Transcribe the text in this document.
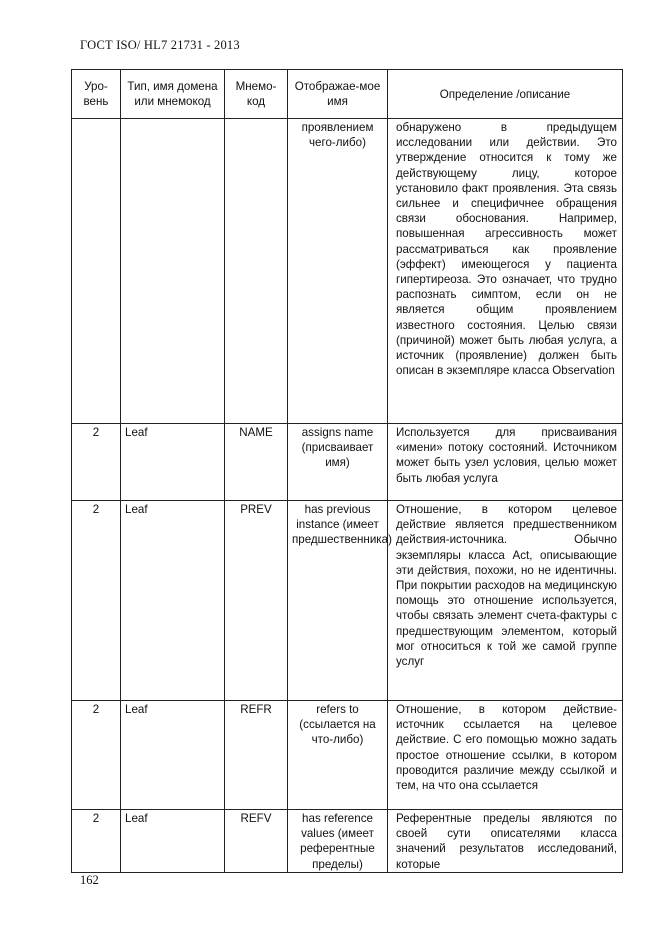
ГОСТ ISO/ HL7 21731 - 2013
Уро-вень	Тип, имя домена или мнемокод	Мнемо-код	Отображае-мое имя	Определение /описание
			проявлением чего-либо)	обнаружено в предыдущем исследовании или действии. Это утверждение относится к тому же действующему лицу, которое установило факт проявления. Эта связь сильнее и специфичнее обращения связи обоснования. Например, повышенная агрессивность может рассматриваться как проявление (эффект) имеющегося у пациента гипертиреоза. Это означает, что трудно распознать симптом, если он не является общим проявлением известного состояния. Целью связи (причиной) может быть любая услуга, а источник (проявление) должен быть описан в экземпляре класса Observation
2	Leaf	NAME	assigns name (присваивает имя)	Используется для присваивания «имени» потоку состояний. Источником может быть узел условия, целью может быть любая услуга
2	Leaf	PREV	has previous instance (имеет предшественника)	Отношение, в котором целевое действие является предшественником действия-источника. Обычно экземпляры класса Act, описывающие эти действия, похожи, но не идентичны. При покрытии расходов на медицинскую помощь это отношение используется, чтобы связать элемент счета-фактуры с предшествующим элементом, который мог относиться к той же самой группе услуг
2	Leaf	REFR	refers to (ссылается на что-либо)	Отношение, в котором действие-источник ссылается на целевое действие. С его помощью можно задать простое отношение ссылки, в котором проводится различие между ссылкой и тем, на что она ссылается
2	Leaf	REFV	has reference values (имеет референтные пределы)	Референтные пределы являются по своей сути описателями класса значений результатов исследований, которые
162
